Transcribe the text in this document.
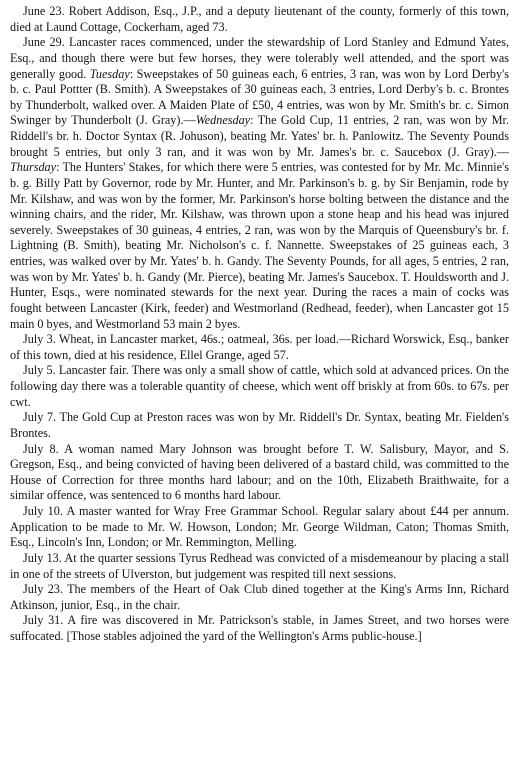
June 23. Robert Addison, Esq., J.P., and a deputy lieutenant of the county, formerly of this town, died at Laund Cottage, Cockerham, aged 73.

June 29. Lancaster races commenced, under the stewardship of Lord Stanley and Edmund Yates, Esq., and though there were but few horses, they were tolerably well attended, and the sport was generally good. Tuesday: Sweepstakes of 50 guineas each, 6 entries, 3 ran, was won by Lord Derby's b. c. Paul Pottter (B. Smith). A Sweepstakes of 30 guineas each, 3 entries, Lord Derby's b. c. Brontes by Thunderbolt, walked over. A Maiden Plate of £50, 4 entries, was won by Mr. Smith's br. c. Simon Swinger by Thunderbolt (J. Gray).—Wednesday: The Gold Cup, 11 entries, 2 ran, was won by Mr. Riddell's br. h. Doctor Syntax (R. Johuson), beating Mr. Yates' br. h. Panlowitz. The Seventy Pounds brought 5 entries, but only 3 ran, and it was won by Mr. James's br. c. Saucebox (J. Gray).—Thursday: The Hunters' Stakes, for which there were 5 entries, was contested for by Mr. Mc. Minnie's b. g. Billy Patt by Governor, rode by Mr. Hunter, and Mr. Parkinson's b. g. by Sir Benjamin, rode by Mr. Kilshaw, and was won by the former, Mr. Parkinson's horse bolting between the distance and the winning chairs, and the rider, Mr. Kilshaw, was thrown upon a stone heap and his head was injured severely. Sweepstakes of 30 guineas, 4 entries, 2 ran, was won by the Marquis of Queensbury's br. f. Lightning (B. Smith), beating Mr. Nicholson's c. f. Nannette. Sweepstakes of 25 guineas each, 3 entries, was walked over by Mr. Yates' b. h. Gandy. The Seventy Pounds, for all ages, 5 entries, 2 ran, was won by Mr. Yates' b. h. Gandy (Mr. Pierce), beating Mr. James's Saucebox. T. Houldsworth and J. Hunter, Esqs., were nominated stewards for the next year. During the races a main of cocks was fought between Lancaster (Kirk, feeder) and Westmorland (Redhead, feeder), when Lancaster got 15 main 0 byes, and Westmorland 53 main 2 byes.

July 3. Wheat, in Lancaster market, 46s.; oatmeal, 36s. per load.—Richard Worswick, Esq., banker of this town, died at his residence, Ellel Grange, aged 57.

July 5. Lancaster fair. There was only a small show of cattle, which sold at advanced prices. On the following day there was a tolerable quantity of cheese, which went off briskly at from 60s. to 67s. per cwt.

July 7. The Gold Cup at Preston races was won by Mr. Riddell's Dr. Syntax, beating Mr. Fielden's Brontes.

July 8. A woman named Mary Johnson was brought before T. W. Salisbury, Mayor, and S. Gregson, Esq., and being convicted of having been delivered of a bastard child, was committed to the House of Correction for three months hard labour; and on the 10th, Elizabeth Braithwaite, for a similar offence, was sentenced to 6 months hard labour.

July 10. A master wanted for Wray Free Grammar School. Regular salary about £44 per annum. Application to be made to Mr. W. Howson, London; Mr. George Wildman, Caton; Thomas Smith, Esq., Lincoln's Inn, London; or Mr. Remmington, Melling.

July 13. At the quarter sessions Tyrus Redhead was convicted of a misdemeanour by placing a stall in one of the streets of Ulverston, but judgement was respited till next sessions.

July 23. The members of the Heart of Oak Club dined together at the King's Arms Inn, Richard Atkinson, junior, Esq., in the chair.

July 31. A fire was discovered in Mr. Patrickson's stable, in James Street, and two horses were suffocated. [Those stables adjoined the yard of the Wellington's Arms public-house.]
